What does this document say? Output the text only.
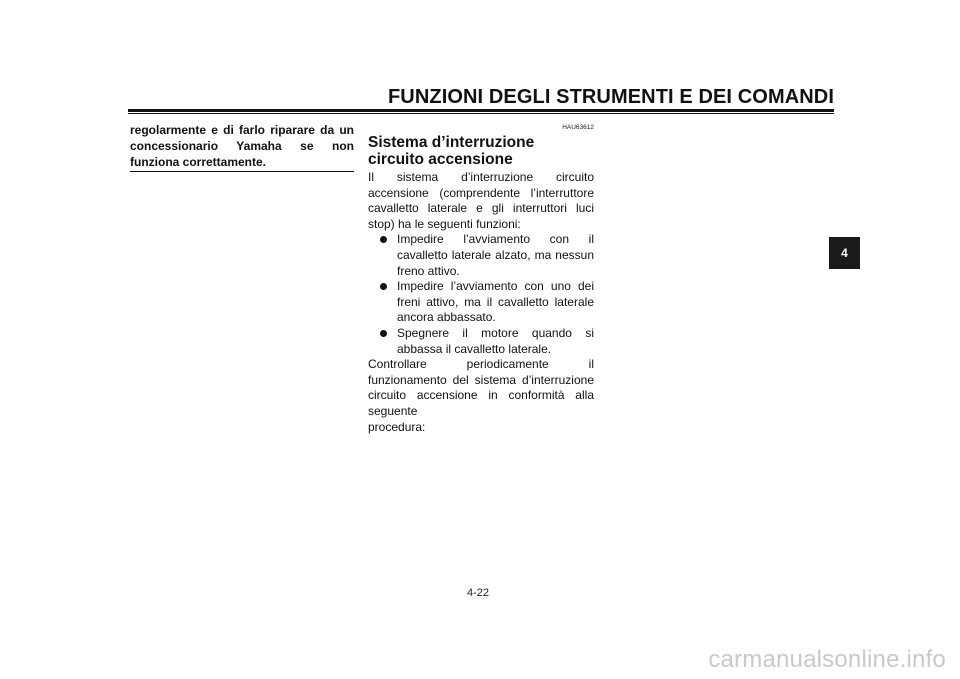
FUNZIONI DEGLI STRUMENTI E DEI COMANDI
regolarmente e di farlo riparare da un concessionario Yamaha se non funziona correttamente.
HAU63612
Sistema d’interruzione circuito accensione

Il sistema d’interruzione circuito accensione (comprendente l’interruttore cavalletto laterale e gli interruttori luci stop) ha le seguenti funzioni:

Impedire l’avviamento con il cavalletto laterale alzato, ma nessun freno attivo.
Impedire l’avviamento con uno dei freni attivo, ma il cavalletto laterale ancora abbassato.
Spegnere il motore quando si abbassa il cavalletto laterale.

Controllare periodicamente il funzionamento del sistema d’interruzione circuito accensione in conformità alla seguente

procedura:

4
4-22
carmanualsonline.info
